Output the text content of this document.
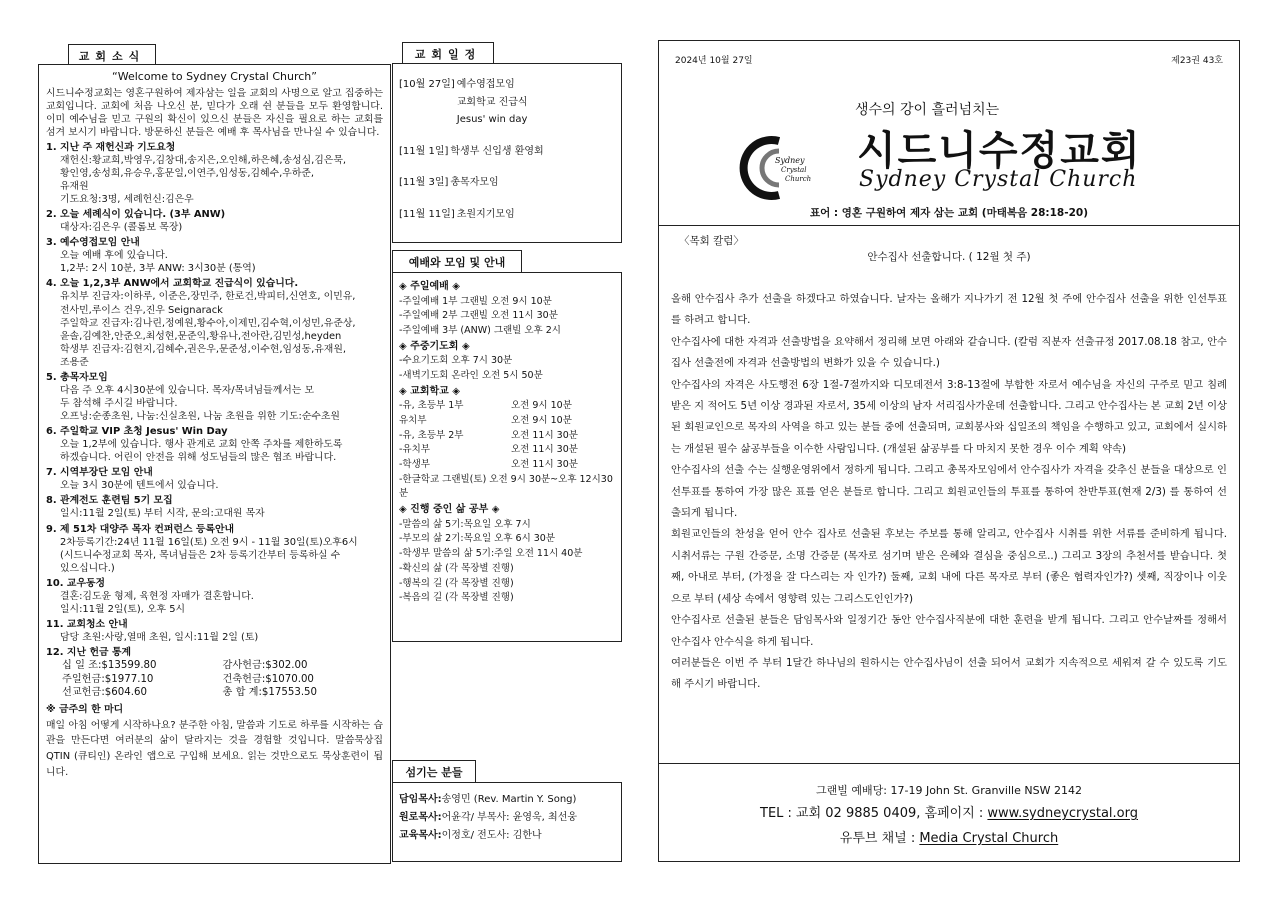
교회소식
“Welcome to Sydney Crystal Church”

시드니수정교회는 영혼구원하여 제자삼는 일을 교회의 사명으로 알고 집중하는 교회입니다. 교회에 처음 나오신 분, 믿다가 오래 쉰 분들을 모두 환영합니다. 이미 예수님을 믿고 구원의 확신이 있으신 분들은 자신을 필요로 하는 교회를 섬겨 보시기 바랍니다. 방문하신 분들은 예배 후 목사님을 만나실 수 있습니다.

1. 지난 주 재헌신과 기도요청
재헌신:황교희,박영우,김창대,송지은,오인해,하은혜,송성심,김은묵,
황인영,송성희,유승우,홍문일,이연주,임성동,김혜수,우하준,
유재원
기도요청:3명, 세례헌신:김은우
2. 오늘 세례식이 있습니다. (3부 ANW)
대상자:김은우 (콜롬보 목장)
3. 예수영접모임 안내
오늘 예배 후에 있습니다.
1,2부: 2시 10분, 3부 ANW: 3시30분 (통역)
4. 오늘 1,2,3부 ANW에서 교회학교 진급식이 있습니다.
유치부 진급자:이하루, 이준은,장민주, 한로건,박피터,신연호, 이민유,
전사민,루이스 건우,진우 Seignarack
주일학교 진급자:김나린,정예원,황수아,이제민,김수혁,이성민,유준상,
윤솔,김예찬,안준오,최성현,문준익,황유나,전아란,김민성,heyden
학생부 진급자:김현지,김혜수,권은우,문준성,이수현,임성동,유재원,
조용준
5. 총목자모임
다음 주 오후 4시30분에 있습니다. 목자/목녀님들께서는 모
두 참석해 주시길 바랍니다.
오프닝:순종초원, 나눔:신실초원, 나눔 초원을 위한 기도:순수초원
6. 주일학교 VIP 초청 Jesus' Win Day
오늘 1,2부에 있습니다. 행사 관계로 교회 안쪽 주차를 제한하도록
하겠습니다. 어린이 안전을 위해 성도님들의 많은 협조 바랍니다.
7. 시역부장단 모임 안내
오늘 3시 30분에 텐트에서 있습니다.
8. 관계전도 훈련팀 5기 모집
일시:11월 2일(토) 부터 시작, 문의:고대원 목자
9. 제 51차 대양주 목자 컨퍼런스 등록안내
2차등록기간:24년 11월 16일(토) 오전 9시 - 11월 30일(토)오후6시
(시드니수정교회 목자, 목녀님들은 2차 등록기간부터 등록하실 수
있으십니다.)
10. 교우동정
결혼:김도윤 형제, 육현정 자매가 결혼합니다.
일시:11월 2일(토), 오후 5시
11. 교회청소 안내
담당 초원:사랑,열매 초원, 일시:11월 2일 (토)
12. 지난 헌금 통계
십 일 조:$13599.80	감사헌금:$302.00
주일헌금:$1977.10	건축헌금:$1070.00
선교헌금:$604.60	총 합 계:$17553.50
※ 금주의 한 마디

매일 아침 어떻게 시작하나요? 분주한 아침, 말씀과 기도로 하루를 시작하는 습관을 만든다면 여러분의 삶이 달라지는 것을 경험할 것입니다. 말씀묵상집 QTIN (큐티인) 온라인 앱으로 구입해 보세요. 읽는 것만으로도 묵상훈련이 됩니다.

교회일정
[10월 27일] 예수영접모임
교회학교 진급식
Jesus' win day
[11월 1일] 학생부 신입생 환영회
[11월 3일] 총목자모임
[11월 11일] 초원지기모임
예배와 모임 및 안내
◈ 주일예배 ◈
-주일예배 1부 그랜빌 오전 9시 10분
-주일예배 2부 그랜빌 오전 11시 30분
-주일예배 3부 (ANW) 그랜빌 오후 2시
◈ 주중기도회 ◈
-수요기도회 오후 7시 30분
-새벽기도회 온라인 오전 5시 50분
◈ 교회학교 ◈
-유, 초등부 1부	오전 9시 10분
유치부	오전 9시 10분
-유, 초등부 2부	오전 11시 30분
-유치부	오전 11시 30분
-학생부	오전 11시 30분
-한글학교 그랜빌(토) 오전 9시 30분~오후 12시30분
◈ 진행 중인 삶 공부 ◈
-말씀의 삶 5기:목요일 오후 7시
-부모의 삶 2기:목요일 오후 6시 30분
-학생부 말씀의 삶 5기:주일 오전 11시 40분
-확신의 삶 (각 목장별 진행)
-행복의 길 (각 목장별 진행)
-복음의 길 (각 목장별 진행)
섬기는 분들
담임목사:송영민 (Rev. Martin Y. Song)
원로목사:어윤각/ 부목사: 윤영욱, 최선웅
교육목사:이정호/ 전도사: 김한나
2024년 10월 27일	제23권 43호
생수의 강이 흘러넘치는
Sydney
Crystal
Church
시드니수정교회
Sydney Crystal Church
표어 : 영혼 구원하여 제자 삼는 교회 (마태복음 28:18-20)
〈목회 칼럼〉
안수집사 선출합니다. ( 12월 첫 주)

올해 안수집사 추가 선출을 하겠다고 하였습니다. 날자는 올해가 지나가기 전 12월 첫 주에 안수집사 선출을 위한 인선투표를 하려고 합니다.

안수집사에 대한 자격과 선출방법을 요약해서 정리해 보면 아래와 같습니다. (칼럼 직분자 선출규정 2017.08.18 참고, 안수집사 선출전에 자격과 선출방법의 변화가 있을 수 있습니다.)

안수집사의 자격은 사도행전 6장 1절-7절까지와 디모데전서 3:8-13절에 부합한 자로서 예수님을 자신의 구주로 믿고 침례 받은 지 적어도 5년 이상 경과된 자로서, 35세 이상의 남자 서리집사가운데 선출합니다. 그리고 안수집사는 본 교회 2년 이상 된 회원교인으로 목자의 사역을 하고 있는 분들 중에 선출되며, 교회봉사와 십일조의 책임을 수행하고 있고, 교회에서 실시하는 개설된 필수 삶공부들을 이수한 사람입니다. (개설된 삶공부를 다 마치지 못한 경우 이수 계획 약속)

안수집사의 선출 수는 실행운영위에서 정하게 됩니다. 그리고 총목자모임에서 안수집사가 자격을 갖추신 분들을 대상으로 인선투표를 통하여 가장 많은 표를 얻은 분들로 합니다. 그리고 회원교인들의 투표를 통하여 찬반투표(현재 2/3) 를 통하여 선출되게 됩니다.

회원교인들의 찬성을 얻어 안수 집사로 선출된 후보는 주보를 통해 알리고, 안수집사 시취를 위한 서류를 준비하게 됩니다. 시취서류는 구원 간증문, 소명 간증문 (목자로 섬기며 받은 은혜와 결심을 중심으로..) 그리고 3장의 추천서를 받습니다. 첫째, 아내로 부터, (가정을 잘 다스리는 자 인가?) 둘째, 교회 내에 다른 목자로 부터 (좋은 협력자인가?) 셋째, 직장이나 이웃으로 부터 (세상 속에서 영향력 있는 그리스도인인가?)

안수집사로 선출된 분들은 담임목사와 일정기간 동안 안수집사직분에 대한 훈련을 받게 됩니다. 그리고 안수날짜를 정해서 안수집사 안수식을 하게 됩니다.

여러분들은 이번 주 부터 1달간 하나님의 원하시는 안수집사님이 선출 되어서 교회가 지속적으로 세워져 갈 수 있도록 기도해 주시기 바랍니다.

그랜빌 예배당: 17-19 John St. Granville NSW 2142
TEL : 교회 02 9885 0409, 홈페이지 : www.sydneycrystal.org
유투브 채널 : Media Crystal Church
